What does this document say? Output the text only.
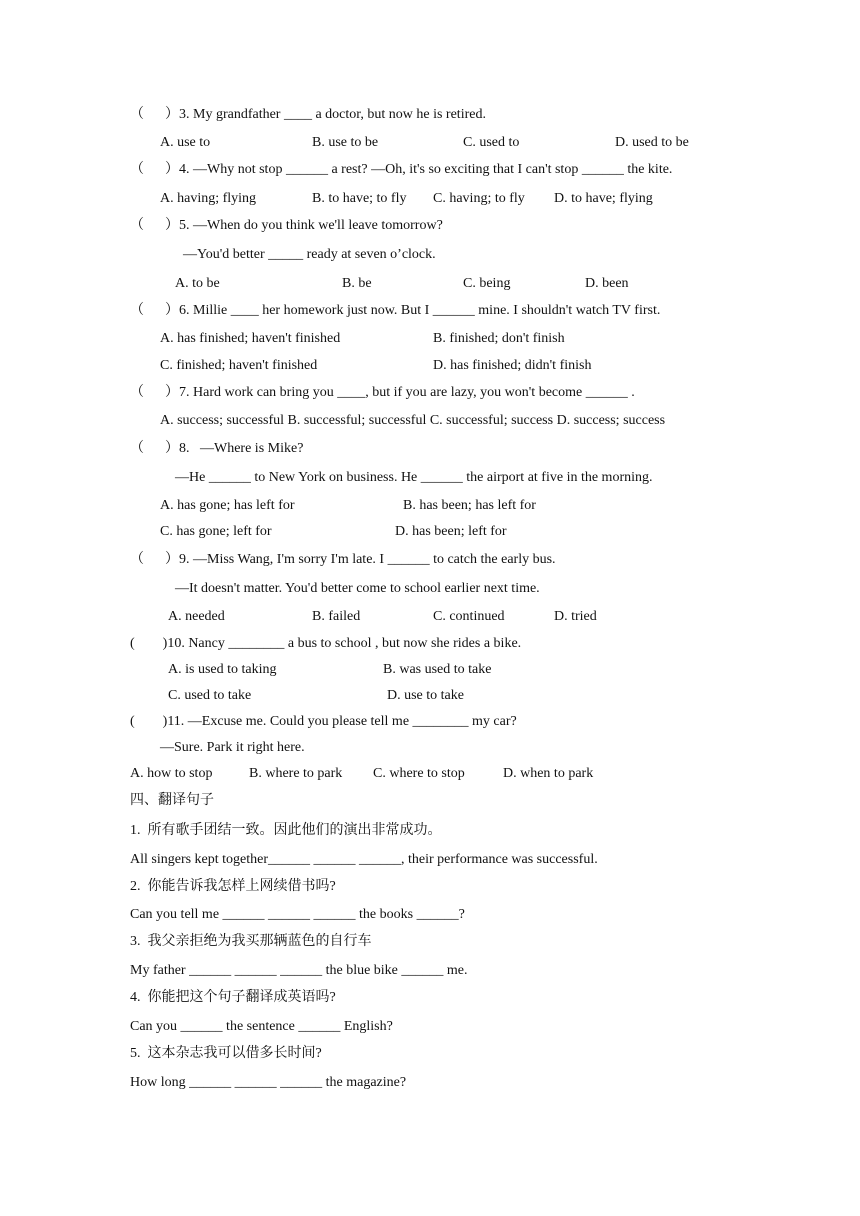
（      ）3. My grandfather ____ a doctor, but now he is retired.
A. use to	B. use to be	C. used to	D. used to be
（      ）4. —Why not stop ______ a rest? —Oh, it's so exciting that I can't stop ______ the kite.
A. having; flying	B. to have; to fly C. having; to fly D. to have; flying
（      ）5. —When do you think we'll leave tomorrow?
—You'd better _____ ready at seven o’clock.
A. to be	B. be	C. being	D. been
（      ）6. Millie ____ her homework just now. But I ______ mine. I shouldn't watch TV first.
A. has finished; haven't finished	B. finished; don't finish
C. finished; haven't finished	D. has finished; didn't finish
（      ）7. Hard work can bring you ____, but if you are lazy, you won't become ______ .
A. success; successful B. successful; successful C. successful; success D. success; success
（      ）8.   —Where is Mike?
—He ______ to New York on business. He ______ the airport at five in the morning.
A. has gone; has left for	B. has been; has left for
C. has gone; left for	D. has been; left for
（      ）9. —Miss Wang, I'm sorry I'm late. I ______ to catch the early bus.
—It doesn't matter. You'd better come to school earlier next time.
A. needed	B. failed	C. continued	D. tried
(        )10. Nancy ________ a bus to school , but now she rides a bike.
A. is used to taking	B. was used to take
C. used to take	D. use to take
(        )11. —Excuse me. Could you please tell me ________ my car?
—Sure. Park it right here.
A. how to stop	B. where to park C. where to stop	D. when to park
四、翻译句子
1.  所有歌手团结一致。因此他们的演出非常成功。
All singers kept together______ ______ ______, their performance was successful.
2.  你能告诉我怎样上网续借书吗?
Can you tell me ______ ______ ______ the books ______?
3.  我父亲拒绝为我买那辆蓝色的自行车
My father ______ ______ ______ the blue bike ______ me.
4.  你能把这个句子翻译成英语吗?
Can you ______ the sentence ______ English?
5.  这本杂志我可以借多长时间?
How long ______ ______ ______ the magazine?
